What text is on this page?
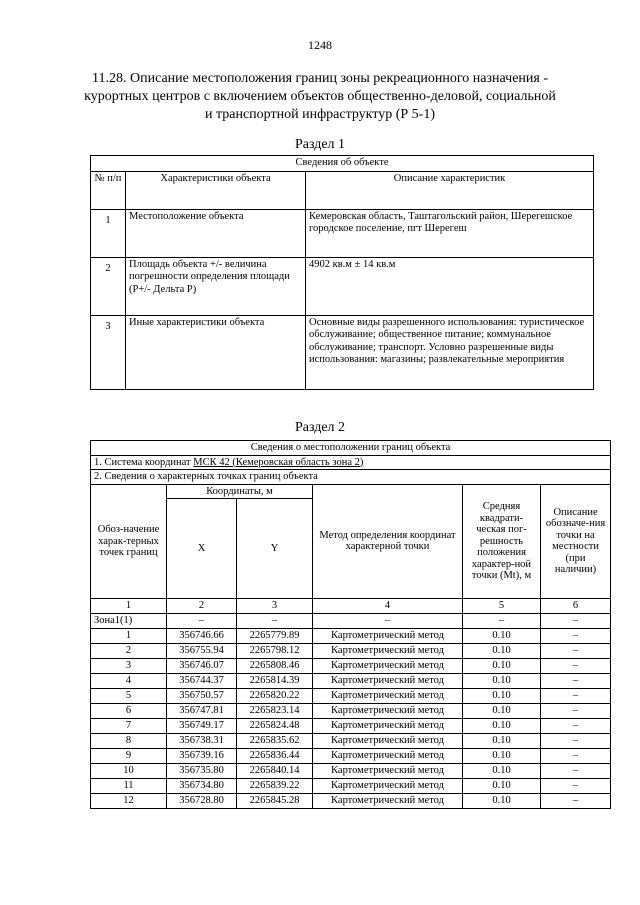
1248
11.28. Описание местоположения границ зоны рекреационного назначения - курортных центров с включением объектов общественно-деловой, социальной и транспортной инфраструктур (Р 5-1)
Раздел 1
Сведения об объекте		
№ п/п	Характеристики объекта	Описание характеристик
1	Местоположение объекта	Кемеровская область, Таштагольский район, Шерегешское городское поселение, пгт Шерегеш
2	Площадь объекта +/- величина погрешности определения площади (Р+/- Дельта Р)	4902 кв.м ± 14 кв.м
3	Иные характеристики объекта	Основные виды разрешенного использования: туристическое обслуживание; общественное питание; коммунальное обслуживание; транспорт. Условно разрешенные виды использования: магазины; развлекательные мероприятия
Раздел 2
Сведения о местоположении границ объекта					
1. Система координат МСК 42 (Кемеровская область зона 2)					
2. Сведения о характерных точках границ объекта					
Обоз-начение харак-терных точек границ	Координаты, м		Метод определения координат характерной точки	Средняя квадрати-ческая пог-решность положения характер-ной точки (Мt), м	Описание обозначе-ния точки на местности (при наличии)
	X	Y			
1	2	3	4	5	6
Зона1(1)	–	–	–	–	–
1	356746.66	2265779.89	Картометрический метод	0.10	–
2	356755.94	2265798.12	Картометрический метод	0.10	–
3	356746.07	2265808.46	Картометрический метод	0.10	–
4	356744.37	2265814.39	Картометрический метод	0.10	–
5	356750.57	2265820.22	Картометрический метод	0.10	–
6	356747.81	2265823.14	Картометрический метод	0.10	–
7	356749.17	2265824.48	Картометрический метод	0.10	–
8	356738.31	2265835.62	Картометрический метод	0.10	–
9	356739.16	2265836.44	Картометрический метод	0.10	–
10	356735.80	2265840.14	Картометрический метод	0.10	–
11	356734.80	2265839.22	Картометрический метод	0.10	–
12	356728.80	2265845.28	Картометрический метод	0.10	–
